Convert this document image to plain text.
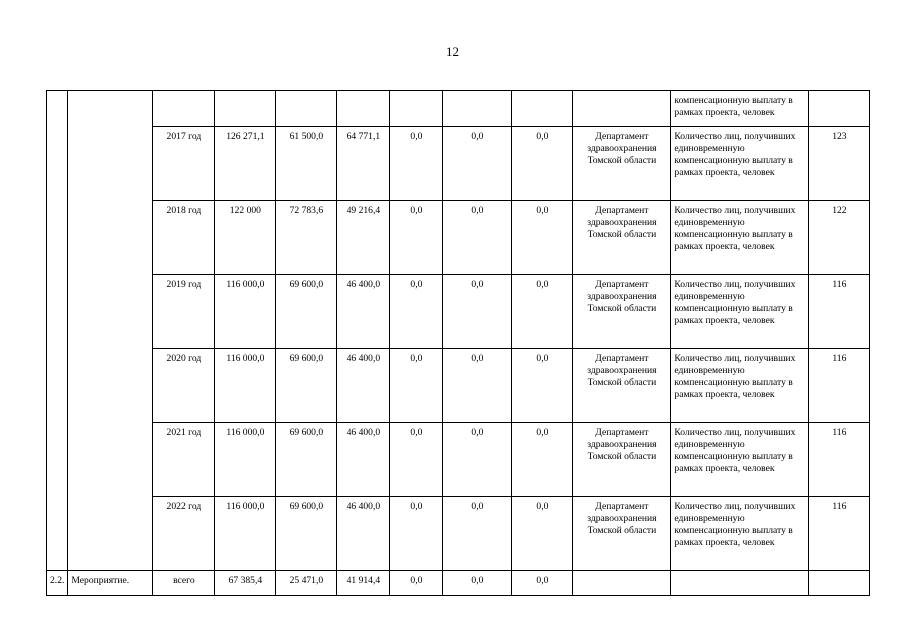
12
										компенсационную выплату в рамках проекта, человек	
		2017 год	126 271,1	61 500,0	64 771,1	0,0	0,0	0,0	Департамент здравоохранения Томской области	Количество лиц, получивших единовременную компенсационную выплату в рамках проекта, человек	123
		2018 год	122 000	72 783,6	49 216,4	0,0	0,0	0,0	Департамент здравоохранения Томской области	Количество лиц, получивших единовременную компенсационную выплату в рамках проекта, человек	122
		2019 год	116 000,0	69 600,0	46 400,0	0,0	0,0	0,0	Департамент здравоохранения Томской области	Количество лиц, получивших единовременную компенсационную выплату в рамках проекта, человек	116
		2020 год	116 000,0	69 600,0	46 400,0	0,0	0,0	0,0	Департамент здравоохранения Томской области	Количество лиц, получивших единовременную компенсационную выплату в рамках проекта, человек	116
		2021 год	116 000,0	69 600,0	46 400,0	0,0	0,0	0,0	Департамент здравоохранения Томской области	Количество лиц, получивших единовременную компенсационную выплату в рамках проекта, человек	116
		2022 год	116 000,0	69 600,0	46 400,0	0,0	0,0	0,0	Департамент здравоохранения Томской области	Количество лиц, получивших единовременную компенсационную выплату в рамках проекта, человек	116
2.2.	Мероприятие.	всего	67 385,4	25 471,0	41 914,4	0,0	0,0	0,0			
